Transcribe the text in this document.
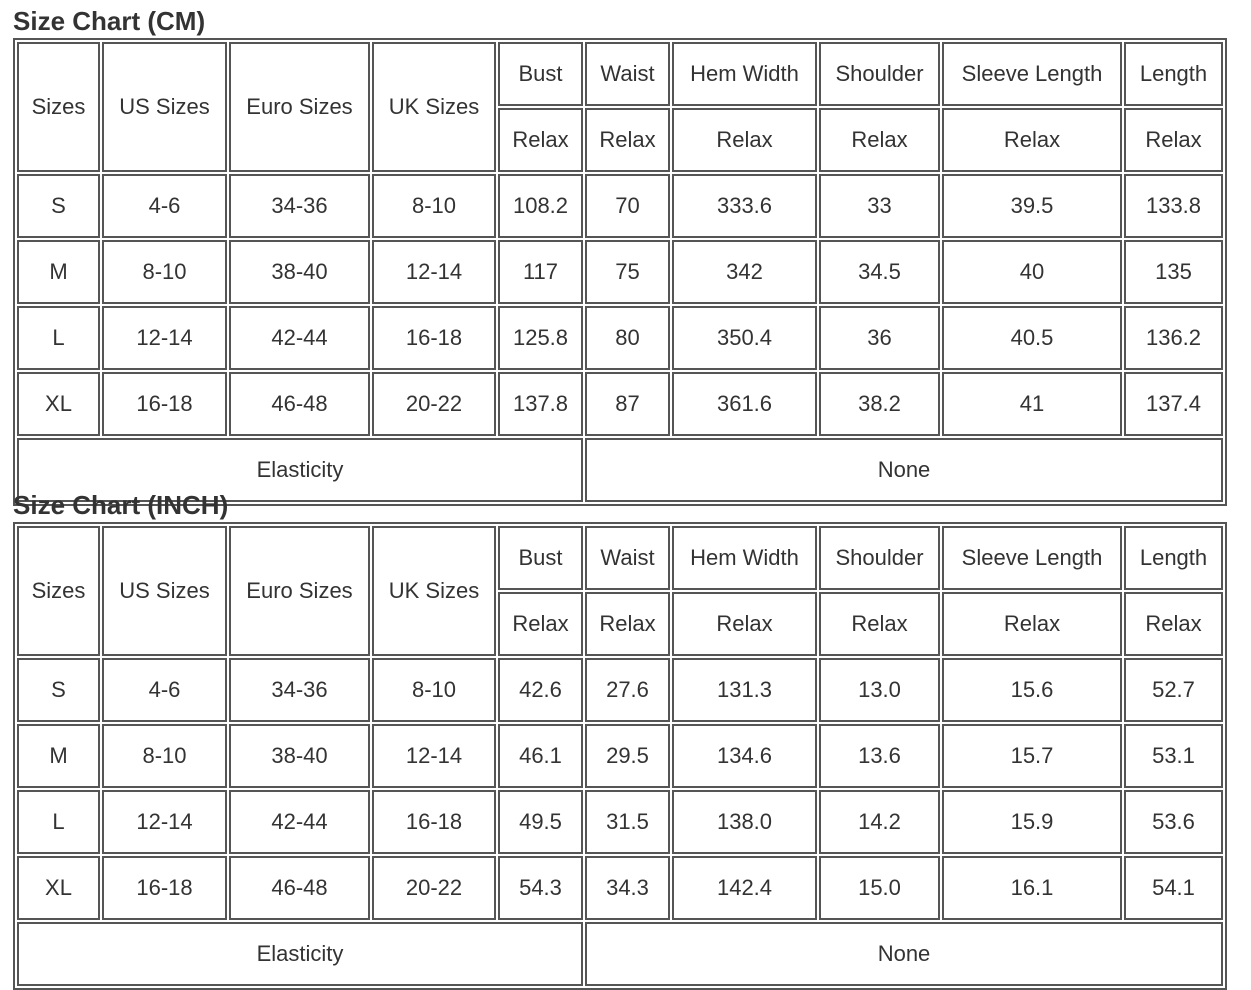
Size Chart (CM)
Sizes	US Sizes	Euro Sizes	UK Sizes	Bust	Waist	Hem Width	Shoulder	Sleeve Length	Length
				Relax	Relax	Relax	Relax	Relax	Relax
S	4-6	34-36	8-10	108.2	70	333.6	33	39.5	133.8
M	8-10	38-40	12-14	117	75	342	34.5	40	135
L	12-14	42-44	16-18	125.8	80	350.4	36	40.5	136.2
XL	16-18	46-48	20-22	137.8	87	361.6	38.2	41	137.4
Elasticity					None				
Size Chart (INCH)
Sizes	US Sizes	Euro Sizes	UK Sizes	Bust	Waist	Hem Width	Shoulder	Sleeve Length	Length
				Relax	Relax	Relax	Relax	Relax	Relax
S	4-6	34-36	8-10	42.6	27.6	131.3	13.0	15.6	52.7
M	8-10	38-40	12-14	46.1	29.5	134.6	13.6	15.7	53.1
L	12-14	42-44	16-18	49.5	31.5	138.0	14.2	15.9	53.6
XL	16-18	46-48	20-22	54.3	34.3	142.4	15.0	16.1	54.1
Elasticity					None				
